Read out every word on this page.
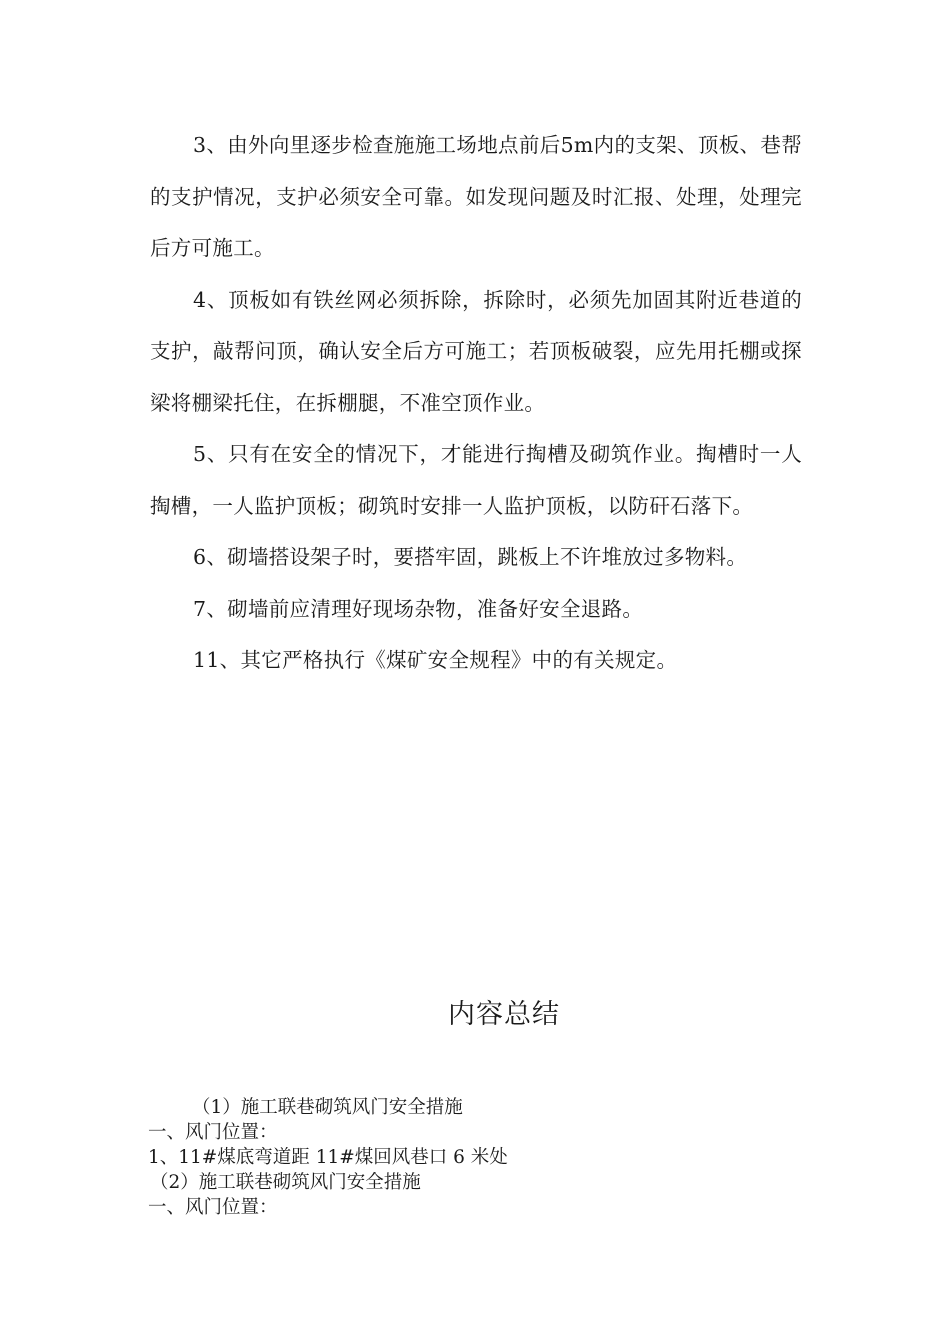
3、由外向里逐步检查施施工场地点前后5m内的支架、顶板、巷帮的支护情况，支护必须安全可靠。如发现问题及时汇报、处理，处理完后方可施工。

4、顶板如有铁丝网必须拆除，拆除时，必须先加固其附近巷道的支护，敲帮问顶，确认安全后方可施工；若顶板破裂，应先用托棚或探梁将棚梁托住，在拆棚腿，不准空顶作业。

5、只有在安全的情况下，才能进行掏槽及砌筑作业。掏槽时一人掏槽，一人监护顶板；砌筑时安排一人监护顶板，以防矸石落下。

6、砌墙搭设架子时，要搭牢固，跳板上不许堆放过多物料。

7、砌墙前应清理好现场杂物，准备好安全退路。

11、其它严格执行《煤矿安全规程》中的有关规定。

内容总结
（1）施工联巷砌筑风门安全措施
一、风门位置：
1、11#煤底弯道距 11#煤回风巷口 6 米处
（2）施工联巷砌筑风门安全措施
一、风门位置：
